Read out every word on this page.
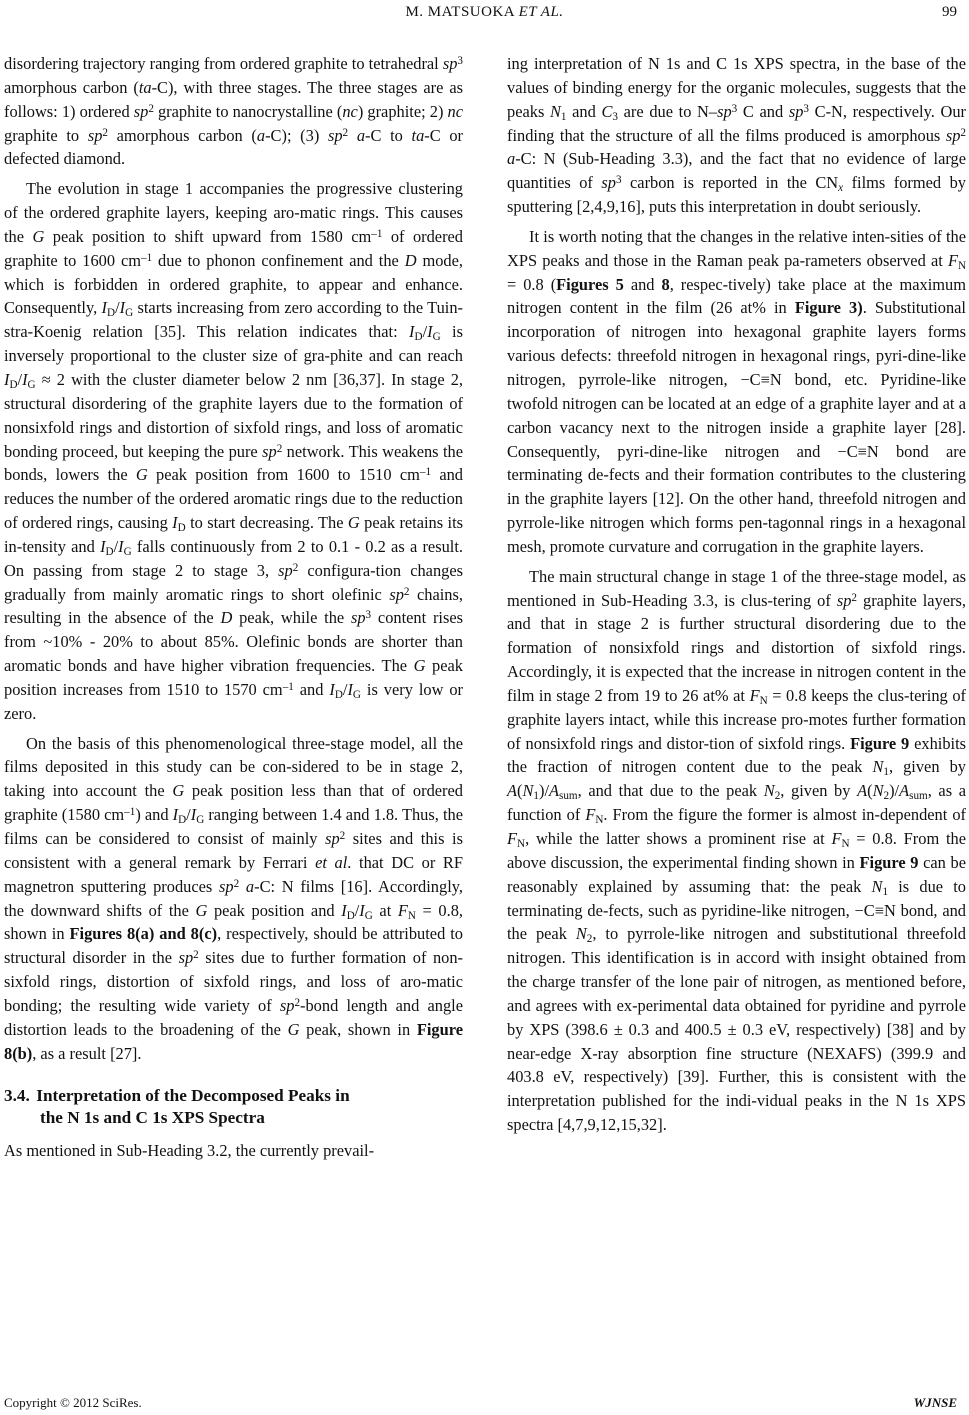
M. MATSUOKA ET AL.	99

disordering trajectory ranging from ordered graphite to tetrahedral $sp^3$ amorphous carbon (ta-C), with three stages. The three stages are as follows: 1) ordered $sp^2$ graphite to nanocrystalline (nc) graphite; 2) nc graphite to $sp^2$ amorphous carbon (a-C); (3) $sp^2$ a-C to ta-C or defected diamond.

The evolution in stage 1 accompanies the progressive clustering of the ordered graphite layers, keeping aro-matic rings. This causes the G peak position to shift upward from 1580 $cm^{-1}$ of ordered graphite to 1600 $cm^{-1}$ due to phonon confinement and the D mode, which is forbidden in ordered graphite, to appear and enhance. Consequently, $I_D/I_G$ starts increasing from zero according to the Tuin-stra-Koenig relation [35]. This relation indicates that: $I_D/I_G$ is inversely proportional to the cluster size of gra-phite and can reach $I_D/I_G \approx 2$ with the cluster diameter below 2 nm [36,37]. In stage 2, structural disordering of the graphite layers due to the formation of nonsixfold rings and distortion of sixfold rings, and loss of aromatic bonding proceed, but keeping the pure $sp^2$ network. This weakens the bonds, lowers the G peak position from 1600 to 1510 $cm^{-1}$ and reduces the number of the ordered aromatic rings due to the reduction of ordered rings, causing $I_D$ to start decreasing. The G peak retains its in-tensity and $I_D/I_G$ falls continuously from 2 to 0.1 - 0.2 as a result. On passing from stage 2 to stage 3, $sp^2$ configura-tion changes gradually from mainly aromatic rings to short olefinic $sp^2$ chains, resulting in the absence of the D peak, while the $sp^3$ content rises from ~10% - 20% to about 85%. Olefinic bonds are shorter than aromatic bonds and have higher vibration frequencies. The G peak position increases from 1510 to 1570 $cm^{-1}$ and $I_D/I_G$ is very low or zero.

On the basis of this phenomenological three-stage model, all the films deposited in this study can be con-sidered to be in stage 2, taking into account the G peak position less than that of ordered graphite (1580 $cm^{-1}$) and $I_D/I_G$ ranging between 1.4 and 1.8. Thus, the films can be considered to consist of mainly $sp^2$ sites and this is consistent with a general remark by Ferrari et al. that DC or RF magnetron sputtering produces $sp^2$ a-C: N films [16]. Accordingly, the downward shifts of the G peak position and $I_D/I_G$ at $F_N = 0.8$, shown in Figures 8(a) and 8(c), respectively, should be attributed to structural disorder in the $sp^2$ sites due to further formation of non-sixfold rings, distortion of sixfold rings, and loss of aro-matic bonding; the resulting wide variety of $sp^2$-bond length and angle distortion leads to the broadening of the G peak, shown in Figure 8(b), as a result [27].

3.4. Interpretation of the Decomposed Peaks in
the N 1s and C 1s XPS Spectra

As mentioned in Sub-Heading 3.2, the currently prevail-

ing interpretation of N 1s and C 1s XPS spectra, in the base of the values of binding energy for the organic molecules, suggests that the peaks $N_1$ and $C_3$ are due to $N-sp^3$ C and $sp^3$ C-N, respectively. Our finding that the structure of all the films produced is amorphous $sp^2$ a-C: N (Sub-Heading 3.3), and the fact that no evidence of large quantities of $sp^3$ carbon is reported in the $CN_x$ films formed by sputtering [2,4,9,16], puts this interpretation in doubt seriously.

It is worth noting that the changes in the relative inten-sities of the XPS peaks and those in the Raman peak pa-rameters observed at $F_N = 0.8$ (Figures 5 and 8, respec-tively) take place at the maximum nitrogen content in the film (26 at% in Figure 3). Substitutional incorporation of nitrogen into hexagonal graphite layers forms various defects: threefold nitrogen in hexagonal rings, pyri-dine-like nitrogen, pyrrole-like nitrogen, −C≡N bond, etc. Pyridine-like twofold nitrogen can be located at an edge of a graphite layer and at a carbon vacancy next to the nitrogen inside a graphite layer [28]. Consequently, pyri-dine-like nitrogen and −C≡N bond are terminating de-fects and their formation contributes to the clustering in the graphite layers [12]. On the other hand, threefold nitrogen and pyrrole-like nitrogen which forms pen-tagonnal rings in a hexagonal mesh, promote curvature and corrugation in the graphite layers.

The main structural change in stage 1 of the three-stage model, as mentioned in Sub-Heading 3.3, is clus-tering of $sp^2$ graphite layers, and that in stage 2 is further structural disordering due to the formation of nonsixfold rings and distortion of sixfold rings. Accordingly, it is expected that the increase in nitrogen content in the film in stage 2 from 19 to 26 at% at $F_N = 0.8$ keeps the clus-tering of graphite layers intact, while this increase pro-motes further formation of nonsixfold rings and distor-tion of sixfold rings. Figure 9 exhibits the fraction of nitrogen content due to the peak $N_1$, given by $A(N_1)/A_{sum}$, and that due to the peak $N_2$, given by $A(N_2)/A_{sum}$, as a function of $F_N$. From the figure the former is almost in-dependent of $F_N$, while the latter shows a prominent rise at $F_N = 0.8$. From the above discussion, the experimental finding shown in Figure 9 can be reasonably explained by assuming that: the peak $N_1$ is due to terminating de-fects, such as pyridine-like nitrogen, −C≡N bond, and the peak $N_2$, to pyrrole-like nitrogen and substitutional threefold nitrogen. This identification is in accord with insight obtained from the charge transfer of the lone pair of nitrogen, as mentioned before, and agrees with ex-perimental data obtained for pyridine and pyrrole by XPS (398.6 ± 0.3 and 400.5 ± 0.3 eV, respectively) [38] and by near-edge X-ray absorption fine structure (NEXAFS) (399.9 and 403.8 eV, respectively) [39]. Further, this is consistent with the interpretation published for the indi-vidual peaks in the N 1s XPS spectra [4,7,9,12,15,32].

Copyright © 2012 SciRes.	WJNSE
